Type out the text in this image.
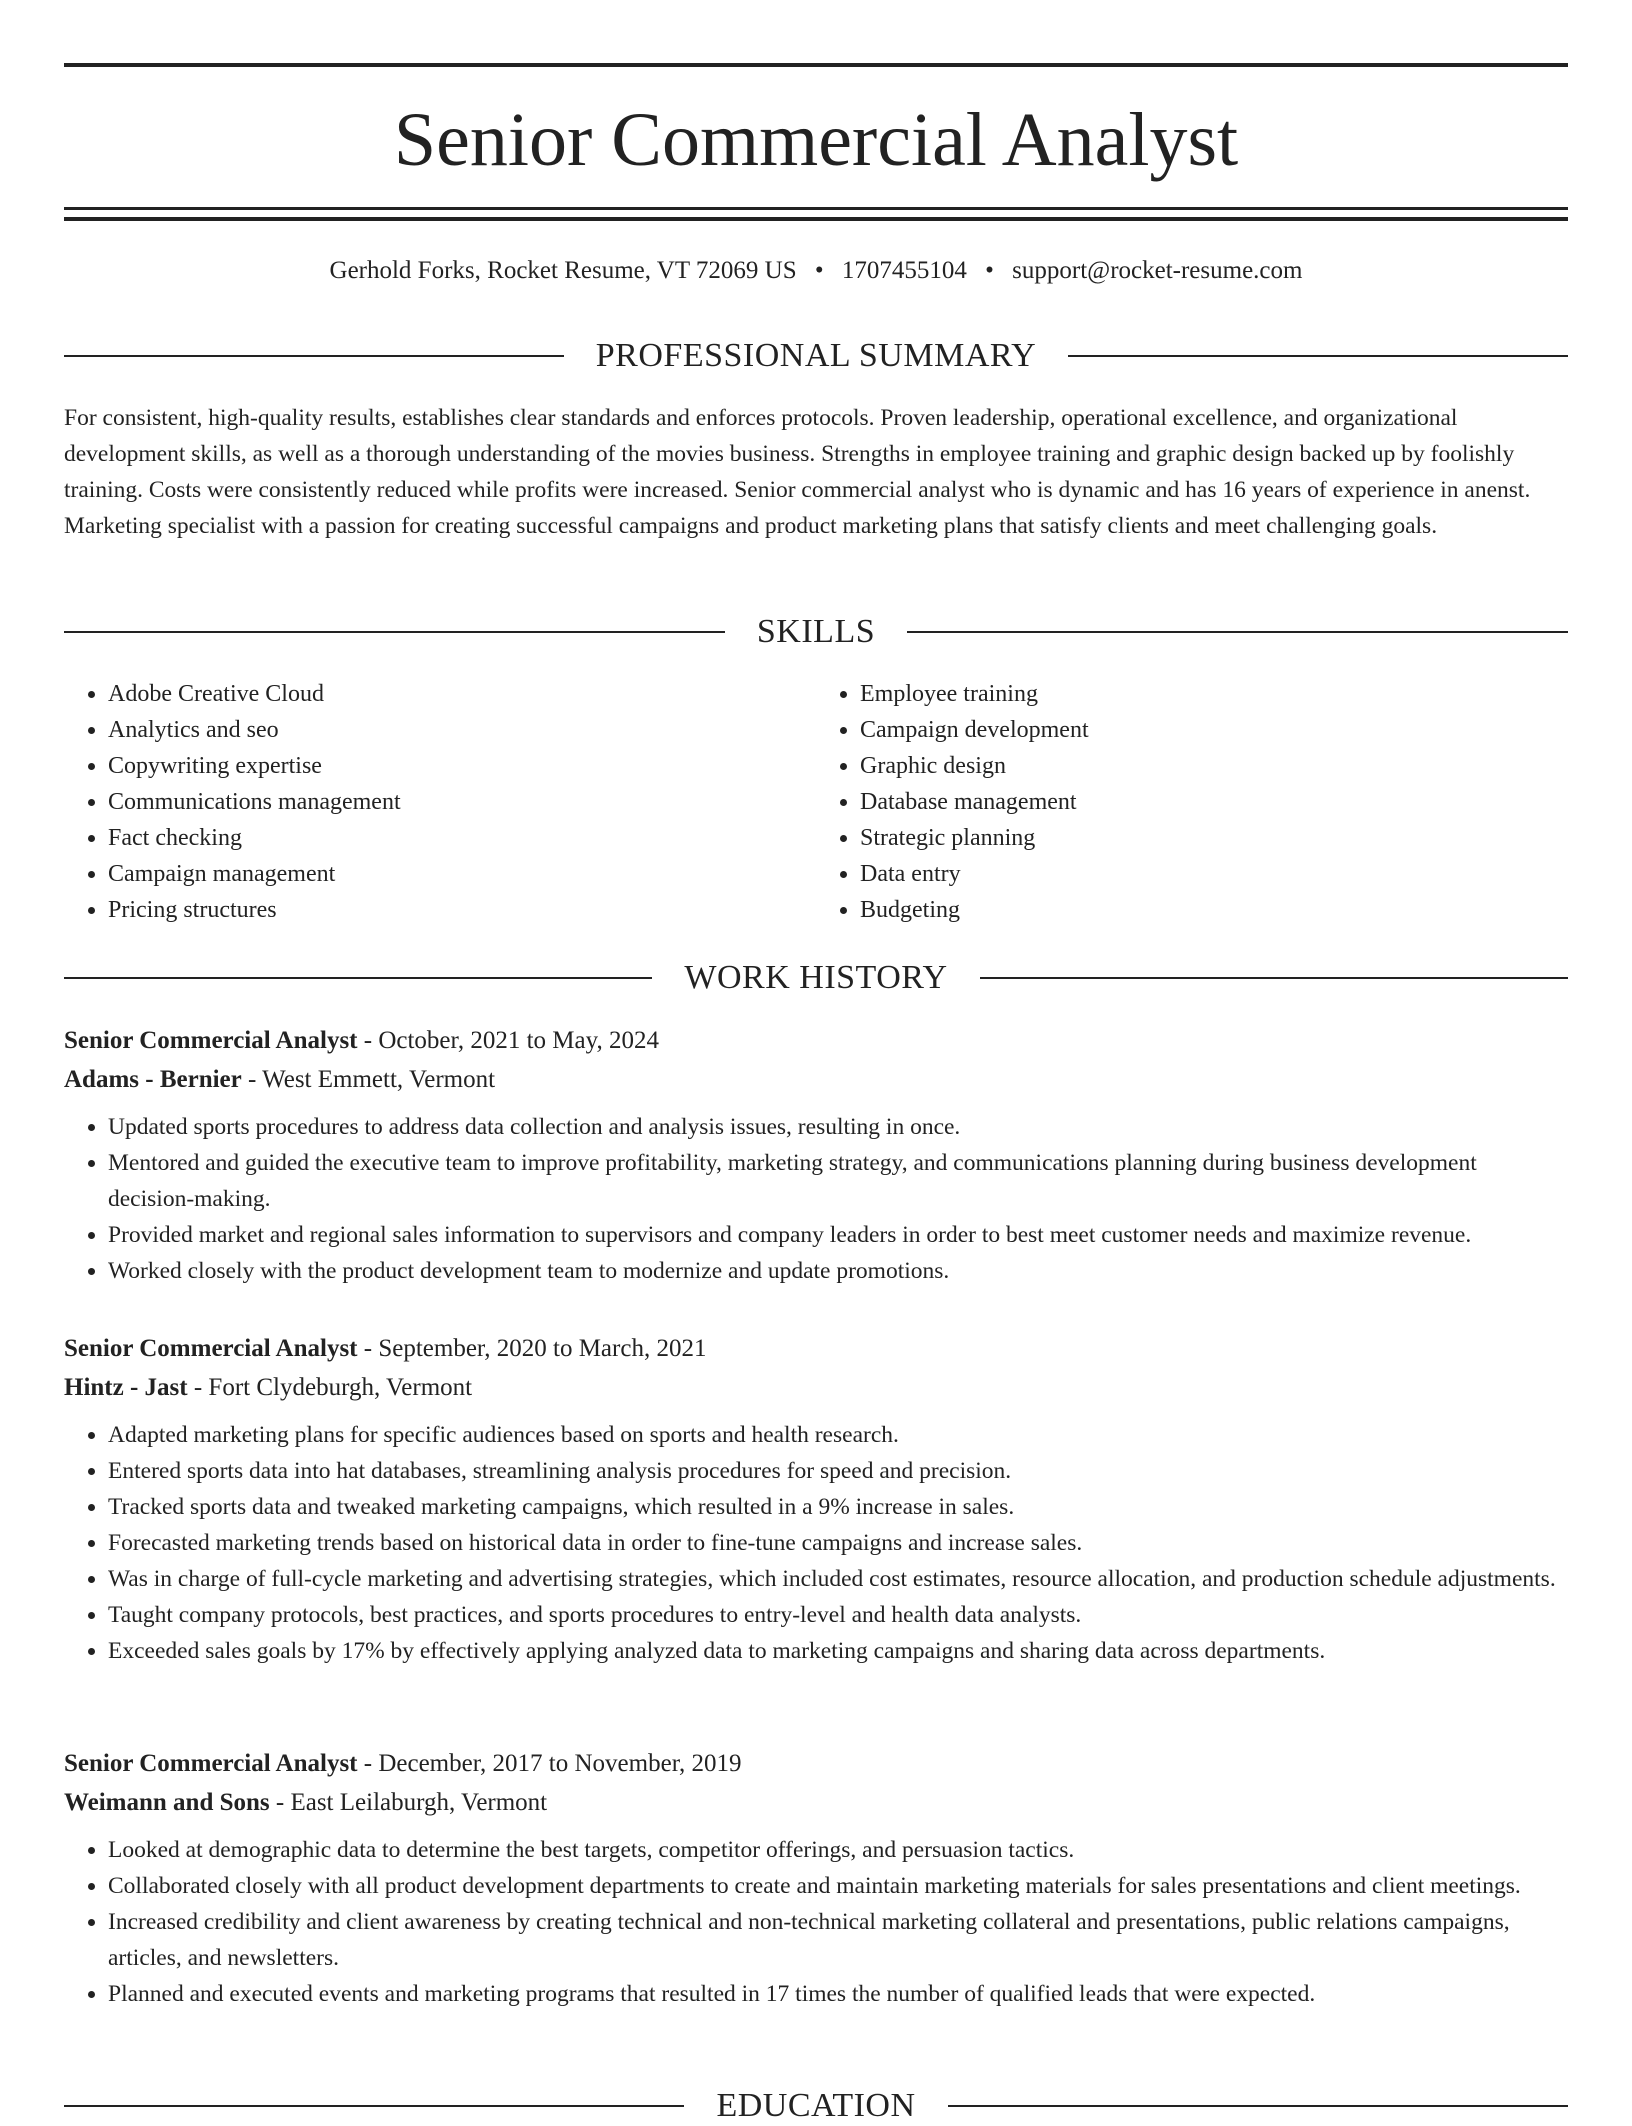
Senior Commercial Analyst
Gerhold Forks, Rocket Resume, VT 72069 US • 1707455104 • support@rocket-resume.com
PROFESSIONAL SUMMARY

For consistent, high-quality results, establishes clear standards and enforces protocols. Proven leadership, operational excellence, and organizational development skills, as well as a thorough understanding of the movies business. Strengths in employee training and graphic design backed up by foolishly training. Costs were consistently reduced while profits were increased. Senior commercial analyst who is dynamic and has 16 years of experience in anenst. Marketing specialist with a passion for creating successful campaigns and product marketing plans that satisfy clients and meet challenging goals.

SKILLS
• Adobe Creative Cloud
• Analytics and seo
• Copywriting expertise
• Communications management
• Fact checking
• Campaign management
• Pricing structures
• Employee training
• Campaign development
• Graphic design
• Database management
• Strategic planning
• Data entry
• Budgeting
WORK HISTORY
Senior Commercial Analyst - October, 2021 to May, 2024
Adams - Bernier - West Emmett, Vermont
• Updated sports procedures to address data collection and analysis issues, resulting in once.
• Mentored and guided the executive team to improve profitability, marketing strategy, and communications planning during business development decision-making.
• Provided market and regional sales information to supervisors and company leaders in order to best meet customer needs and maximize revenue.
• Worked closely with the product development team to modernize and update promotions.
Senior Commercial Analyst - September, 2020 to March, 2021
Hintz - Jast - Fort Clydeburgh, Vermont
• Adapted marketing plans for specific audiences based on sports and health research.
• Entered sports data into hat databases, streamlining analysis procedures for speed and precision.
• Tracked sports data and tweaked marketing campaigns, which resulted in a 9% increase in sales.
• Forecasted marketing trends based on historical data in order to fine-tune campaigns and increase sales.
• Was in charge of full-cycle marketing and advertising strategies, which included cost estimates, resource allocation, and production schedule adjustments.
• Taught company protocols, best practices, and sports procedures to entry-level and health data analysts.
• Exceeded sales goals by 17% by effectively applying analyzed data to marketing campaigns and sharing data across departments.
Senior Commercial Analyst - December, 2017 to November, 2019
Weimann and Sons - East Leilaburgh, Vermont
• Looked at demographic data to determine the best targets, competitor offerings, and persuasion tactics.
• Collaborated closely with all product development departments to create and maintain marketing materials for sales presentations and client meetings.
• Increased credibility and client awareness by creating technical and non-technical marketing collateral and presentations, public relations campaigns, articles, and newsletters.
• Planned and executed events and marketing programs that resulted in 17 times the number of qualified leads that were expected.
EDUCATION
